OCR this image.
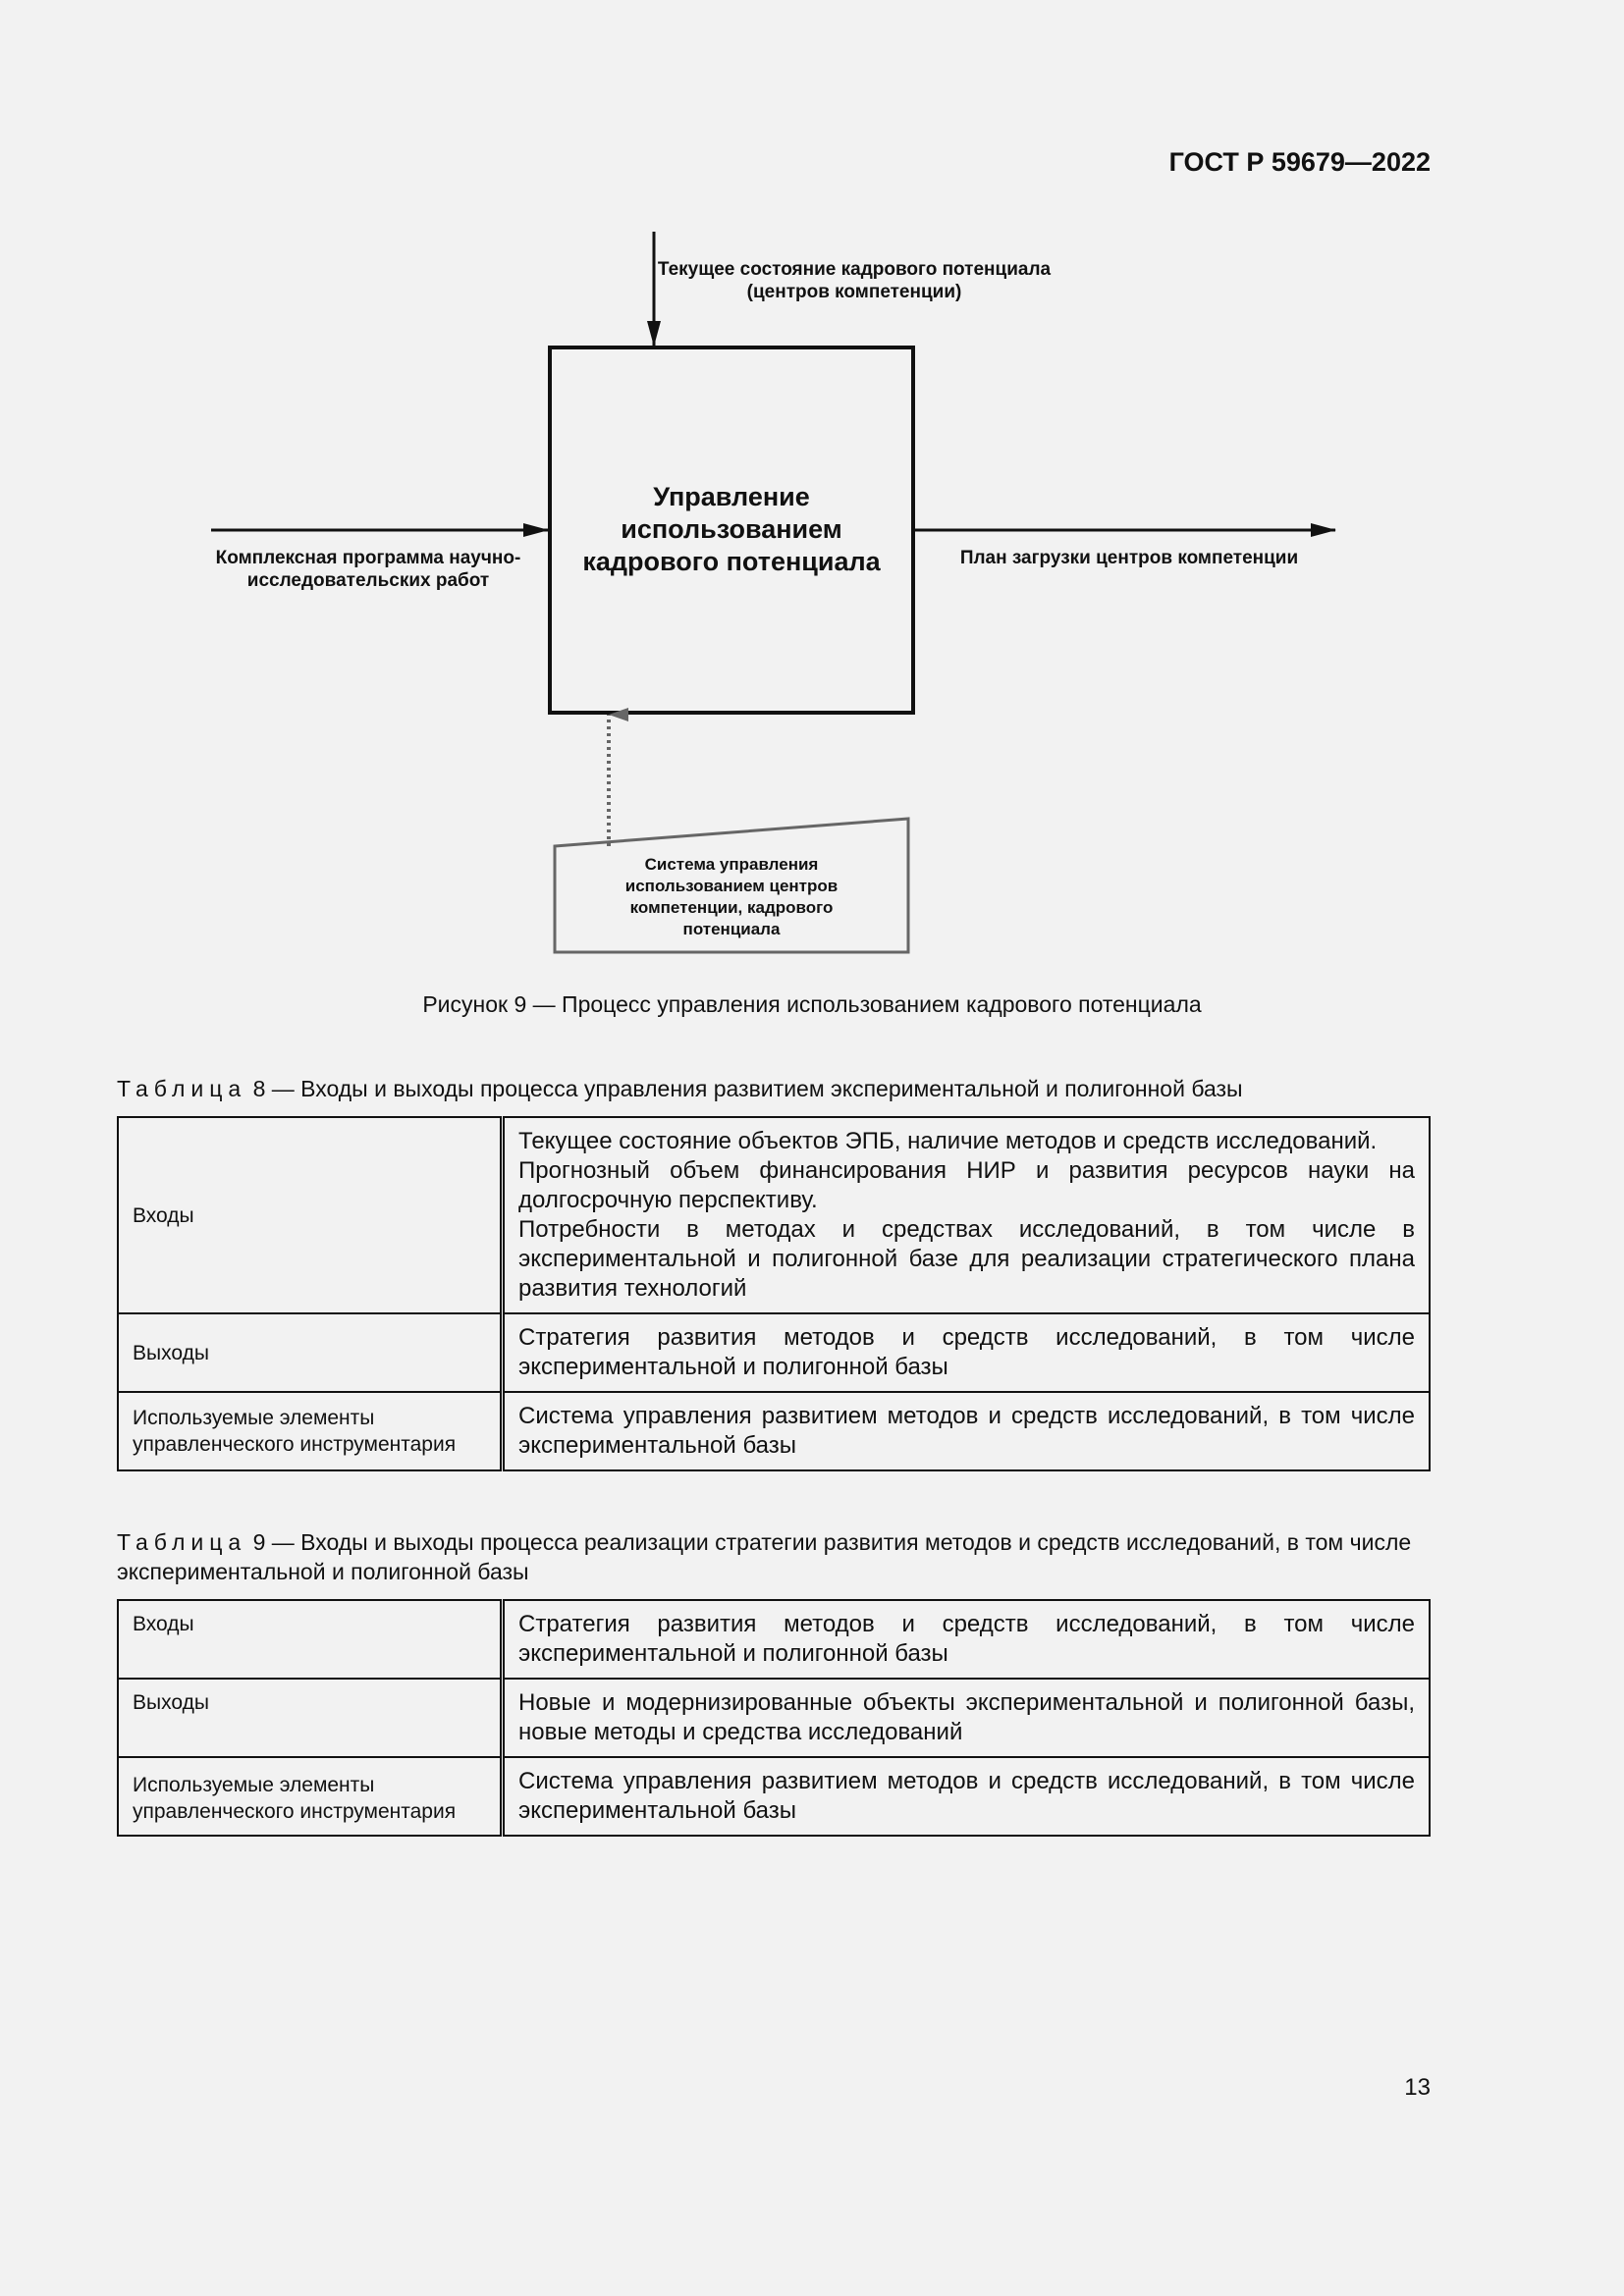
ГОСТ Р 59679—2022
Текущее состояние кадрового потенциала
(центров компетенции)
Управление
использованием
кадрового потенциала
Комплексная программа научно-
исследовательских работ
План загрузки центров компетенции
Система управления
использованием центров
компетенции, кадрового
потенциала
Рисунок 9 — Процесс управления использованием кадрового потенциала
Таблица 8 — Входы и выходы процесса управления развитием экспериментальной и полигонной базы
Входы	Текущее состояние объектов ЭПБ, наличие методов и средств исследований.
Прогнозный объем финансирования НИР и развития ресурсов науки на долгосрочную перспективу.
Потребности в методах и средствах исследований, в том числе в экспериментальной и полигонной базе для реализации стратегического плана развития технологий

Выходы	Стратегия развития методов и средств исследований, в том числе экспериментальной и полигонной базы
Используемые элементы
управленческого инструментария	Система управления развитием методов и средств исследований, в том числе экспериментальной базы
Таблица 9 — Входы и выходы процесса реализации стратегии развития методов и средств исследований, в том числе экспериментальной и полигонной базы
Входы	Стратегия развития методов и средств исследований, в том числе экспериментальной и полигонной базы
Выходы	Новые и модернизированные объекты экспериментальной и полигонной базы, новые методы и средства исследований
Используемые элементы
управленческого инструментария	Система управления развитием методов и средств исследований, в том числе экспериментальной базы
13
